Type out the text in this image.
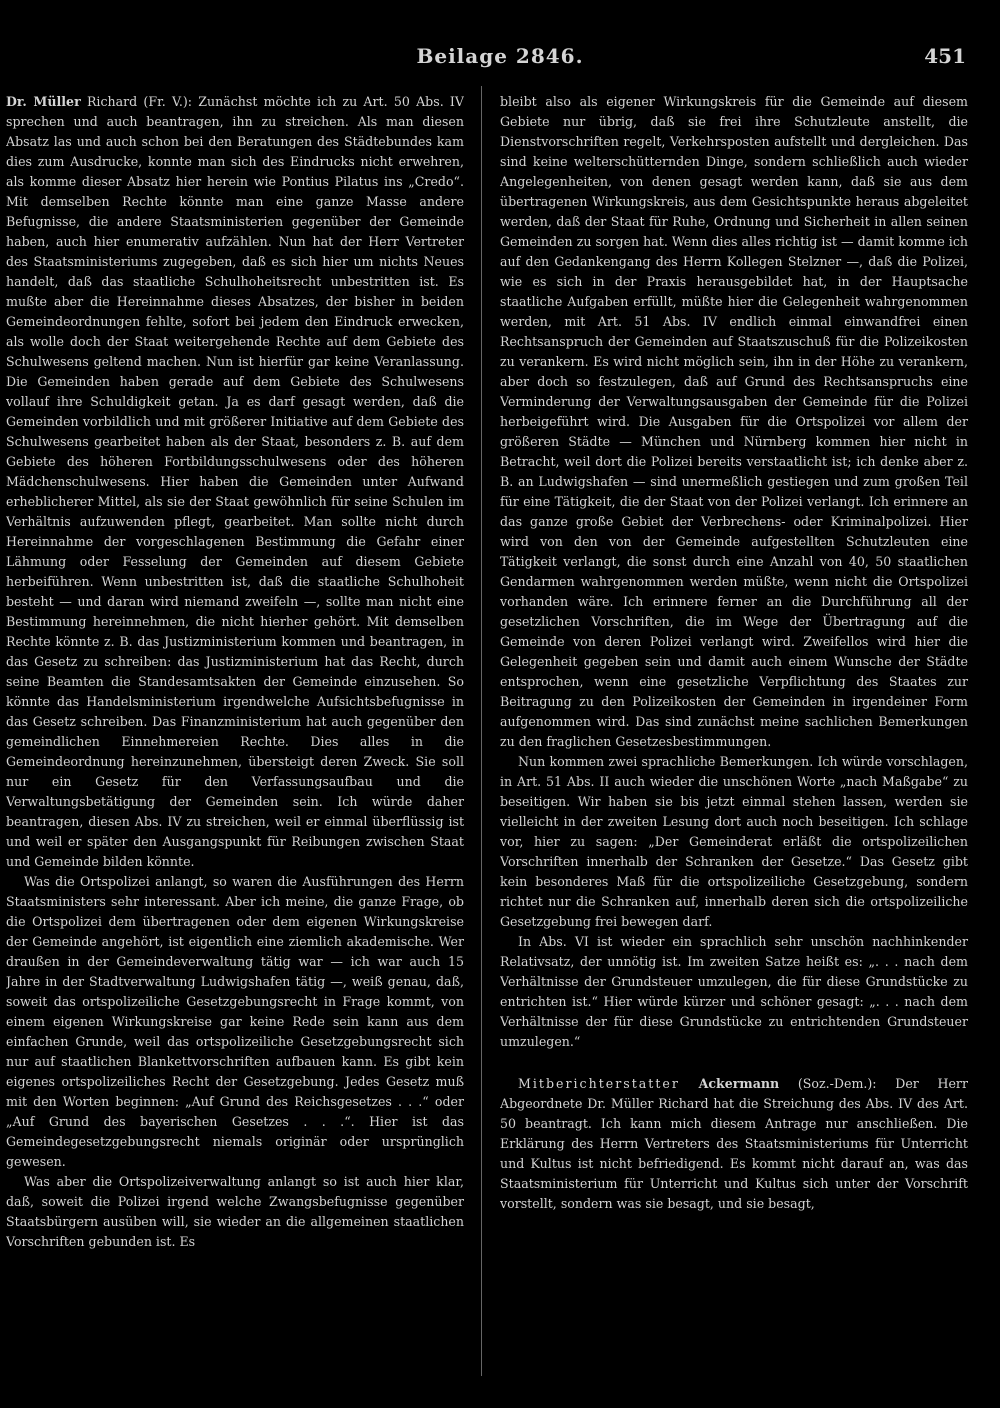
Beilage 2846.	451

Dr. Müller Richard (Fr. V.): Zunächst möchte ich zu Art. 50 Abs. IV sprechen und auch beantragen, ihn zu streichen. Als man diesen Absatz las und auch schon bei den Beratungen des Städtebundes kam dies zum Ausdrucke, konnte man sich des Eindrucks nicht erwehren, als komme dieser Absatz hier herein wie Pontius Pilatus ins „Credo“. Mit demselben Rechte könnte man eine ganze Masse andere Befugnisse, die andere Staatsministerien gegenüber der Gemeinde haben, auch hier enumerativ aufzählen. Nun hat der Herr Vertreter des Staatsministeriums zugegeben, daß es sich hier um nichts Neues handelt, daß das staatliche Schulhoheitsrecht unbestritten ist. Es mußte aber die Hereinnahme dieses Absatzes, der bisher in beiden Gemeindeordnungen fehlte, sofort bei jedem den Eindruck erwecken, als wolle doch der Staat weitergehende Rechte auf dem Gebiete des Schulwesens geltend machen. Nun ist hierfür gar keine Veranlassung. Die Gemeinden haben gerade auf dem Gebiete des Schulwesens vollauf ihre Schuldigkeit getan. Ja es darf gesagt werden, daß die Gemeinden vorbildlich und mit größerer Initiative auf dem Gebiete des Schulwesens gearbeitet haben als der Staat, besonders z. B. auf dem Gebiete des höheren Fortbildungsschulwesens oder des höheren Mädchenschulwesens. Hier haben die Gemeinden unter Aufwand erheblicherer Mittel, als sie der Staat gewöhnlich für seine Schulen im Verhältnis aufzuwenden pflegt, gearbeitet. Man sollte nicht durch Hereinnahme der vorgeschlagenen Bestimmung die Gefahr einer Lähmung oder Fesselung der Gemeinden auf diesem Gebiete herbeiführen. Wenn unbestritten ist, daß die staatliche Schulhoheit besteht — und daran wird niemand zweifeln —, sollte man nicht eine Bestimmung hereinnehmen, die nicht hierher gehört. Mit demselben Rechte könnte z. B. das Justizministerium kommen und beantragen, in das Gesetz zu schreiben: das Justizministerium hat das Recht, durch seine Beamten die Standesamtsakten der Gemeinde einzusehen. So könnte das Handelsministerium irgendwelche Aufsichtsbefugnisse in das Gesetz schreiben. Das Finanzministerium hat auch gegenüber den gemeindlichen Einnehmereien Rechte. Dies alles in die Gemeindeordnung hereinzunehmen, übersteigt deren Zweck. Sie soll nur ein Gesetz für den Verfassungsaufbau und die Verwaltungsbetätigung der Gemeinden sein. Ich würde daher beantragen, diesen Abs. IV zu streichen, weil er einmal überflüssig ist und weil er später den Ausgangspunkt für Reibungen zwischen Staat und Gemeinde bilden könnte.

Was die Ortspolizei anlangt, so waren die Ausführungen des Herrn Staatsministers sehr interessant. Aber ich meine, die ganze Frage, ob die Ortspolizei dem übertragenen oder dem eigenen Wirkungskreise der Gemeinde angehört, ist eigentlich eine ziemlich akademische. Wer draußen in der Gemeindeverwaltung tätig war — ich war auch 15 Jahre in der Stadtverwaltung Ludwigshafen tätig —, weiß genau, daß, soweit das ortspolizeiliche Gesetzgebungsrecht in Frage kommt, von einem eigenen Wirkungskreise gar keine Rede sein kann aus dem einfachen Grunde, weil das ortspolizeiliche Gesetzgebungsrecht sich nur auf staatlichen Blankettvorschriften aufbauen kann. Es gibt kein eigenes ortspolizeiliches Recht der Gesetzgebung. Jedes Gesetz muß mit den Worten beginnen: „Auf Grund des Reichsgesetzes . . .“ oder „Auf Grund des bayerischen Gesetzes . . .“. Hier ist das Gemeindegesetzgebungsrecht niemals originär oder ursprünglich gewesen.

Was aber die Ortspolizeiverwaltung anlangt so ist auch hier klar, daß, soweit die Polizei irgend welche Zwangsbefugnisse gegenüber Staatsbürgern ausüben will, sie wieder an die allgemeinen staatlichen Vorschriften gebunden ist. Es

bleibt also als eigener Wirkungskreis für die Gemeinde auf diesem Gebiete nur übrig, daß sie frei ihre Schutzleute anstellt, die Dienstvorschriften regelt, Verkehrsposten aufstellt und dergleichen. Das sind keine welterschütternden Dinge, sondern schließlich auch wieder Angelegenheiten, von denen gesagt werden kann, daß sie aus dem übertragenen Wirkungskreis, aus dem Gesichtspunkte heraus abgeleitet werden, daß der Staat für Ruhe, Ordnung und Sicherheit in allen seinen Gemeinden zu sorgen hat. Wenn dies alles richtig ist — damit komme ich auf den Gedankengang des Herrn Kollegen Stelzner —, daß die Polizei, wie es sich in der Praxis herausgebildet hat, in der Hauptsache staatliche Aufgaben erfüllt, müßte hier die Gelegenheit wahrgenommen werden, mit Art. 51 Abs. IV endlich einmal einwandfrei einen Rechtsanspruch der Gemeinden auf Staatszuschuß für die Polizeikosten zu verankern. Es wird nicht möglich sein, ihn in der Höhe zu verankern, aber doch so festzulegen, daß auf Grund des Rechtsanspruchs eine Verminderung der Verwaltungsausgaben der Gemeinde für die Polizei herbeigeführt wird. Die Ausgaben für die Ortspolizei vor allem der größeren Städte — München und Nürnberg kommen hier nicht in Betracht, weil dort die Polizei bereits verstaatlicht ist; ich denke aber z. B. an Ludwigshafen — sind unermeßlich gestiegen und zum großen Teil für eine Tätigkeit, die der Staat von der Polizei verlangt. Ich erinnere an das ganze große Gebiet der Verbrechens- oder Kriminalpolizei. Hier wird von den von der Gemeinde aufgestellten Schutzleuten eine Tätigkeit verlangt, die sonst durch eine Anzahl von 40, 50 staatlichen Gendarmen wahrgenommen werden müßte, wenn nicht die Ortspolizei vorhanden wäre. Ich erinnere ferner an die Durchführung all der gesetzlichen Vorschriften, die im Wege der Übertragung auf die Gemeinde von deren Polizei verlangt wird. Zweifellos wird hier die Gelegenheit gegeben sein und damit auch einem Wunsche der Städte entsprochen, wenn eine gesetzliche Verpflichtung des Staates zur Beitragung zu den Polizeikosten der Gemeinden in irgendeiner Form aufgenommen wird. Das sind zunächst meine sachlichen Bemerkungen zu den fraglichen Gesetzesbestimmungen.

Nun kommen zwei sprachliche Bemerkungen. Ich würde vorschlagen, in Art. 51 Abs. II auch wieder die unschönen Worte „nach Maßgabe“ zu beseitigen. Wir haben sie bis jetzt einmal stehen lassen, werden sie vielleicht in der zweiten Lesung dort auch noch beseitigen. Ich schlage vor, hier zu sagen: „Der Gemeinderat erläßt die ortspolizeilichen Vorschriften innerhalb der Schranken der Gesetze.“ Das Gesetz gibt kein besonderes Maß für die ortspolizeiliche Gesetzgebung, sondern richtet nur die Schranken auf, innerhalb deren sich die ortspolizeiliche Gesetzgebung frei bewegen darf.

In Abs. VI ist wieder ein sprachlich sehr unschön nachhinkender Relativsatz, der unnötig ist. Im zweiten Satze heißt es: „. . . nach dem Verhältnisse der Grundsteuer umzulegen, die für diese Grundstücke zu entrichten ist.“ Hier würde kürzer und schöner gesagt: „. . . nach dem Verhältnisse der für diese Grundstücke zu entrichtenden Grundsteuer umzulegen.“

Mitberichterstatter Ackermann (Soz.-Dem.): Der Herr Abgeordnete Dr. Müller Richard hat die Streichung des Abs. IV des Art. 50 beantragt. Ich kann mich diesem Antrage nur anschließen. Die Erklärung des Herrn Vertreters des Staatsministeriums für Unterricht und Kultus ist nicht befriedigend. Es kommt nicht darauf an, was das Staatsministerium für Unterricht und Kultus sich unter der Vorschrift vorstellt, sondern was sie besagt, und sie besagt,
